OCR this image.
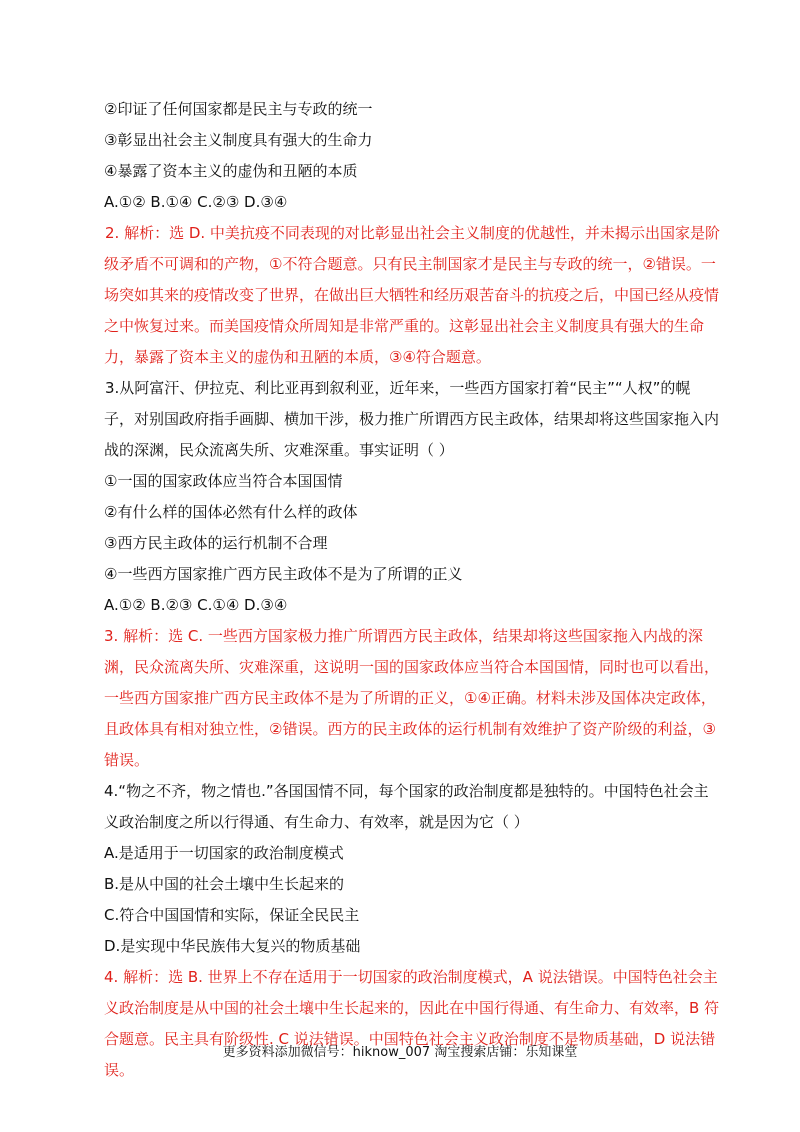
②印证了任何国家都是民主与专政的统一
③彰显出社会主义制度具有强大的生命力
④暴露了资本主义的虚伪和丑陋的本质
A.①② B.①④ C.②③ D.③④
2. 解析：选 D. 中美抗疫不同表现的对比彰显出社会主义制度的优越性，并未揭示出国家是阶级矛盾不可调和的产物，①不符合题意。只有民主制国家才是民主与专政的统一，②错误。一场突如其来的疫情改变了世界，在做出巨大牺牲和经历艰苦奋斗的抗疫之后，中国已经从疫情之中恢复过来。而美国疫情众所周知是非常严重的。这彰显出社会主义制度具有强大的生命力，暴露了资本主义的虚伪和丑陋的本质，③④符合题意。
3.从阿富汗、伊拉克、利比亚再到叙利亚，近年来，一些西方国家打着“民主”“人权”的幌子，对别国政府指手画脚、横加干涉，极力推广所谓西方民主政体，结果却将这些国家拖入内战的深渊，民众流离失所、灾难深重。事实证明（ ）
①一国的国家政体应当符合本国国情
②有什么样的国体必然有什么样的政体
③西方民主政体的运行机制不合理
④一些西方国家推广西方民主政体不是为了所谓的正义
A.①② B.②③ C.①④ D.③④
3. 解析：选 C. 一些西方国家极力推广所谓西方民主政体，结果却将这些国家拖入内战的深渊，民众流离失所、灾难深重，这说明一国的国家政体应当符合本国国情，同时也可以看出，一些西方国家推广西方民主政体不是为了所谓的正义，①④正确。材料未涉及国体决定政体，且政体具有相对独立性，②错误。西方的民主政体的运行机制有效维护了资产阶级的利益，③错误。
4.“物之不齐，物之情也.”各国国情不同，每个国家的政治制度都是独特的。中国特色社会主义政治制度之所以行得通、有生命力、有效率，就是因为它（ ）
A.是适用于一切国家的政治制度模式
B.是从中国的社会土壤中生长起来的
C.符合中国国情和实际，保证全民民主
D.是实现中华民族伟大复兴的物质基础
4. 解析：选 B. 世界上不存在适用于一切国家的政治制度模式，A 说法错误。中国特色社会主义政治制度是从中国的社会土壤中生长起来的，因此在中国行得通、有生命力、有效率，B 符合题意。民主具有阶级性. C 说法错误。中国特色社会主义政治制度不是物质基础，D 说法错误。
更多资料添加微信号：hiknow_007 淘宝搜索店铺：乐知课堂
